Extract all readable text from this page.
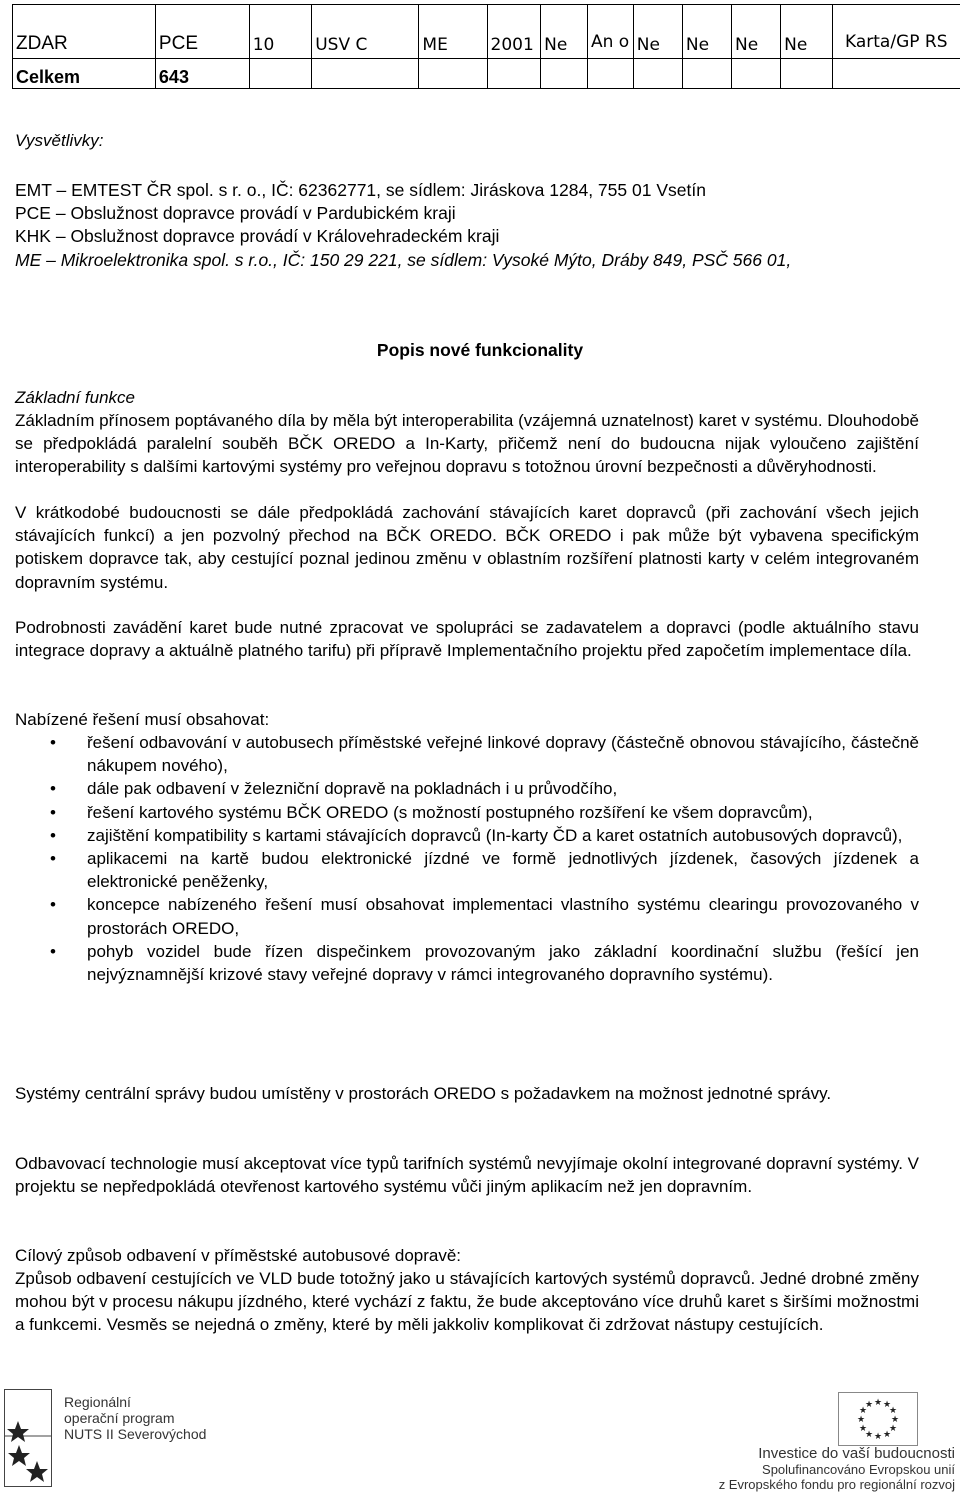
ZDAR	PCE	10	USV C	ME	2001	Ne	An o	Ne	Ne	Ne	Ne	Karta/GP RS
Celkem	643											
Vysvětlivky:
EMT – EMTEST ČR spol. s r. o., IČ: 62362771, se sídlem: Jiráskova 1284, 755 01 Vsetín
PCE – Obslužnost dopravce provádí v Pardubickém kraji
KHK – Obslužnost dopravce provádí v Královehradeckém kraji
ME – Mikroelektronika spol. s r.o., IČ: 150 29 221, se sídlem: Vysoké Mýto, Dráby 849, PSČ 566 01,
Popis nové funkcionality
Základní funkce
Základním přínosem poptávaného díla by měla být interoperabilita (vzájemná uznatelnost) karet v systému. Dlouhodobě se předpokládá paralelní souběh BČK OREDO a In-Karty, přičemž není do budoucna nijak vyloučeno zajištění interoperability s dalšími kartovými systémy pro veřejnou dopravu s totožnou úrovní bezpečnosti a důvěryhodnosti.
V krátkodobé budoucnosti se dále předpokládá zachování stávajících karet dopravců (při zachování všech jejich stávajících funkcí) a jen pozvolný přechod na BČK OREDO. BČK OREDO i pak může být vybavena specifickým potiskem dopravce tak, aby cestující poznal jedinou změnu v oblastním rozšíření platnosti karty v celém integrovaném dopravním systému.
Podrobnosti zavádění karet bude nutné zpracovat ve spolupráci se zadavatelem a dopravci (podle aktuálního stavu integrace dopravy a aktuálně platného tarifu) při přípravě Implementačního projektu před započetím implementace díla.
Nabízené řešení musí obsahovat:
• řešení odbavování v autobusech příměstské veřejné linkové dopravy (částečně obnovou stávajícího, částečně nákupem nového),
• dále pak odbavení v železniční dopravě na pokladnách i u průvodčího,
• řešení kartového systému BČK OREDO (s možností postupného rozšíření ke všem dopravcům),
• zajištění kompatibility s kartami stávajících dopravců (In-karty ČD a karet ostatních autobusových dopravců),
• aplikacemi na kartě budou elektronické jízdné ve formě jednotlivých jízdenek, časových jízdenek a elektronické peněženky,
• koncepce nabízeného řešení musí obsahovat implementaci vlastního systému clearingu provozovaného v prostorách OREDO,
• pohyb vozidel bude řízen dispečinkem provozovaným jako základní koordinační službu (řešící jen nejvýznamnější krizové stavy veřejné dopravy v rámci integrovaného dopravního systému).
Systémy centrální správy budou umístěny v prostorách OREDO s požadavkem na možnost jednotné správy.
Odbavovací technologie musí akceptovat více typů tarifních systémů nevyjímaje okolní integrované dopravní systémy. V projektu se nepředpokládá otevřenost kartového systému vůči jiným aplikacím než jen dopravním.
Cílový způsob odbavení v příměstské autobusové dopravě:
Způsob odbavení cestujících ve VLD bude totožný jako u stávajících kartových systémů dopravců. Jedné drobné změny mohou být v procesu nákupu jízdného, které vychází z faktu, že bude akceptováno více druhů karet s širšími možnostmi a funkcemi. Vesměs se nejedná o změny, které by měli jakkoliv komplikovat či zdržovat nástupy cestujících.
Regionální
operační program
NUTS II Severovýchod
★ ★
★
★
★
★
★
★
★
★
★
★
Investice do vaší budoucnosti
Spolufinancováno Evropskou unií
z Evropského fondu pro regionální rozvoj
